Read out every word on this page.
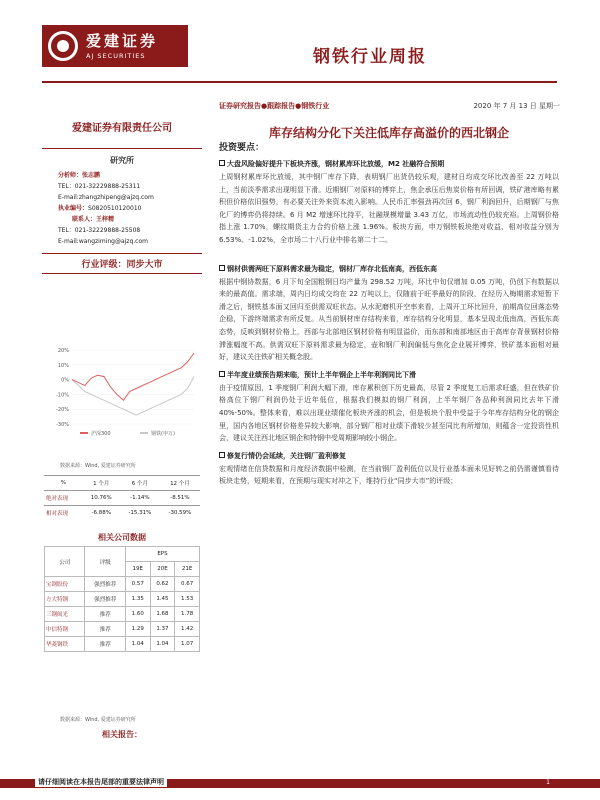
爱建证券
AJ SECURITIES	钢铁行业周报
证券研究报告●跟踪报告●钢铁行业	2020 年 7 月 13 日 星期一
库存结构分化下关注低库存高溢价的西北钢企
爱建证券有限责任公司
研究所
分析师：张志鹏
TEL：021-32229888-25311
E-mail:zhangzhipeng@ajzq.com
执业编号：S0820510120010
联系人：王梓精
TEL：021-32229888-25508
E-mail:wangziming@ajzq.com
行业评级：同步大市
20%
10%
0%
-10%
-20%
-30%
沪深300	钢铁(申万)
数据来源：Wind, 爱建证券研究所
%	1 个月	6 个月	12 个月
绝对表现	10.76%	-1.14%	-8.51%
相对表现	-6.88%	-15.31%	-30.59%
相关公司数据
公司	评级	EPS		
		19E	20E	21E
宝钢股份	强烈推荐	0.57	0.62	0.67
方大特钢	强烈推荐	1.35	1.45	1.53
三钢闽光	推荐	1.60	1.68	1.78
中信特钢	推荐	1.29	1.37	1.42
华菱钢铁	推荐	1.04	1.04	1.07
数据来源：Wind, 爱建证券研究所
相关报告：
投资要点：
大盘风险偏好提升下板块齐涨，钢材累库环比放缓，M2 社融符合预期
上周钢材累库环比放缓，其中钢厂库存下降，表明钢厂出货仍较乐观，建材日均成交环比改善至 22 万吨以上，当前淡季需求出现明显下滑。近期钢厂对原料的博弈上，焦企承压后焦炭价格有所回调，铁矿港库略有累积但价格依旧强势，有必要关注外来资本流入影响。人民币汇率强劲再次回 6，钢厂利润回升，后期钢厂与焦化厂的博弈仍将持续。6 月 M2 增速环比持平，社融规模增量 3.43 万亿，市场流动性仍较充裕。上周钢价格指上涨 1.70%，螺纹期货主力合约价格上涨 1.96%。板块方面，申万钢铁板块绝对收益、相对收益分别为 6.53%、-1.02%，全市场二十八行业中排名第二十二。
钢材供需两旺下原料需求最为稳定，钢材厂库存北低南高，西低东高
根据中钢协数据，6 月下旬全国粗钢日均产量为 298.52 万吨，环比中旬仅增加 0.05 万吨，仍创下有数据以来的最高值。需求端，周内日均成交均在 22 万吨以上，仅随前于旺季最好的阶段，在经历入梅期需求短暂下滑之后，钢铁基本面又回归至供需双旺状态。从水泥磨机开空率来看，上周开工环比回升，前期高位回落态势企稳，下游终端需求有所反复。从当前钢材库存结构来看，库存结构分化明显，基本呈现北低南高，西低东高态势，反映到钢材价格上，西部与北部地区钢材价格有明显溢价，而东部和南部地区由于高库存背景钢材价格滞涨幅度不高。供需双旺下原料需求最为稳定，壶和钢厂利润偏低与焦化企业展开博弈，铁矿基本面相对最好，建议关注铁矿相关概念股。
半年度业绩预告期来临，预计上半年钢企上半年利润同比下滑
由于疫情原因，1 季度钢厂利润大幅下滑，库存累积创下历史最高，尽管 2 季度复工后需求旺盛，但在铁矿价格高位下钢厂利润仍处于近年低位，根据我们模拟的钢厂利润，上半年钢厂各品种利润同比去年下滑 40%-50%。整体来看，难以出现业绩催化板块齐涨的机会，但是板块个股中受益于今年库存结构分化的钢企里，国内各地区钢材价格差异较大影响，部分钢厂相对业绩下滑较少甚至同比有所增加，则蕴含一定投资性机会，建议关注西北地区钢企和特钢中受周期影响较小钢企。
修复行情仍会延续，关注钢厂盈利修复
宏观情绪在信贷数据和月度经济数据中检测，在当前钢厂盈利低位以及行业基本面未见好转之前仍需谨慎看待板块走势，短期来看，在预期与现实对冲之下，维持行业“同步大市”的评级；
请仔细阅读在本报告尾部的重要法律声明	1
